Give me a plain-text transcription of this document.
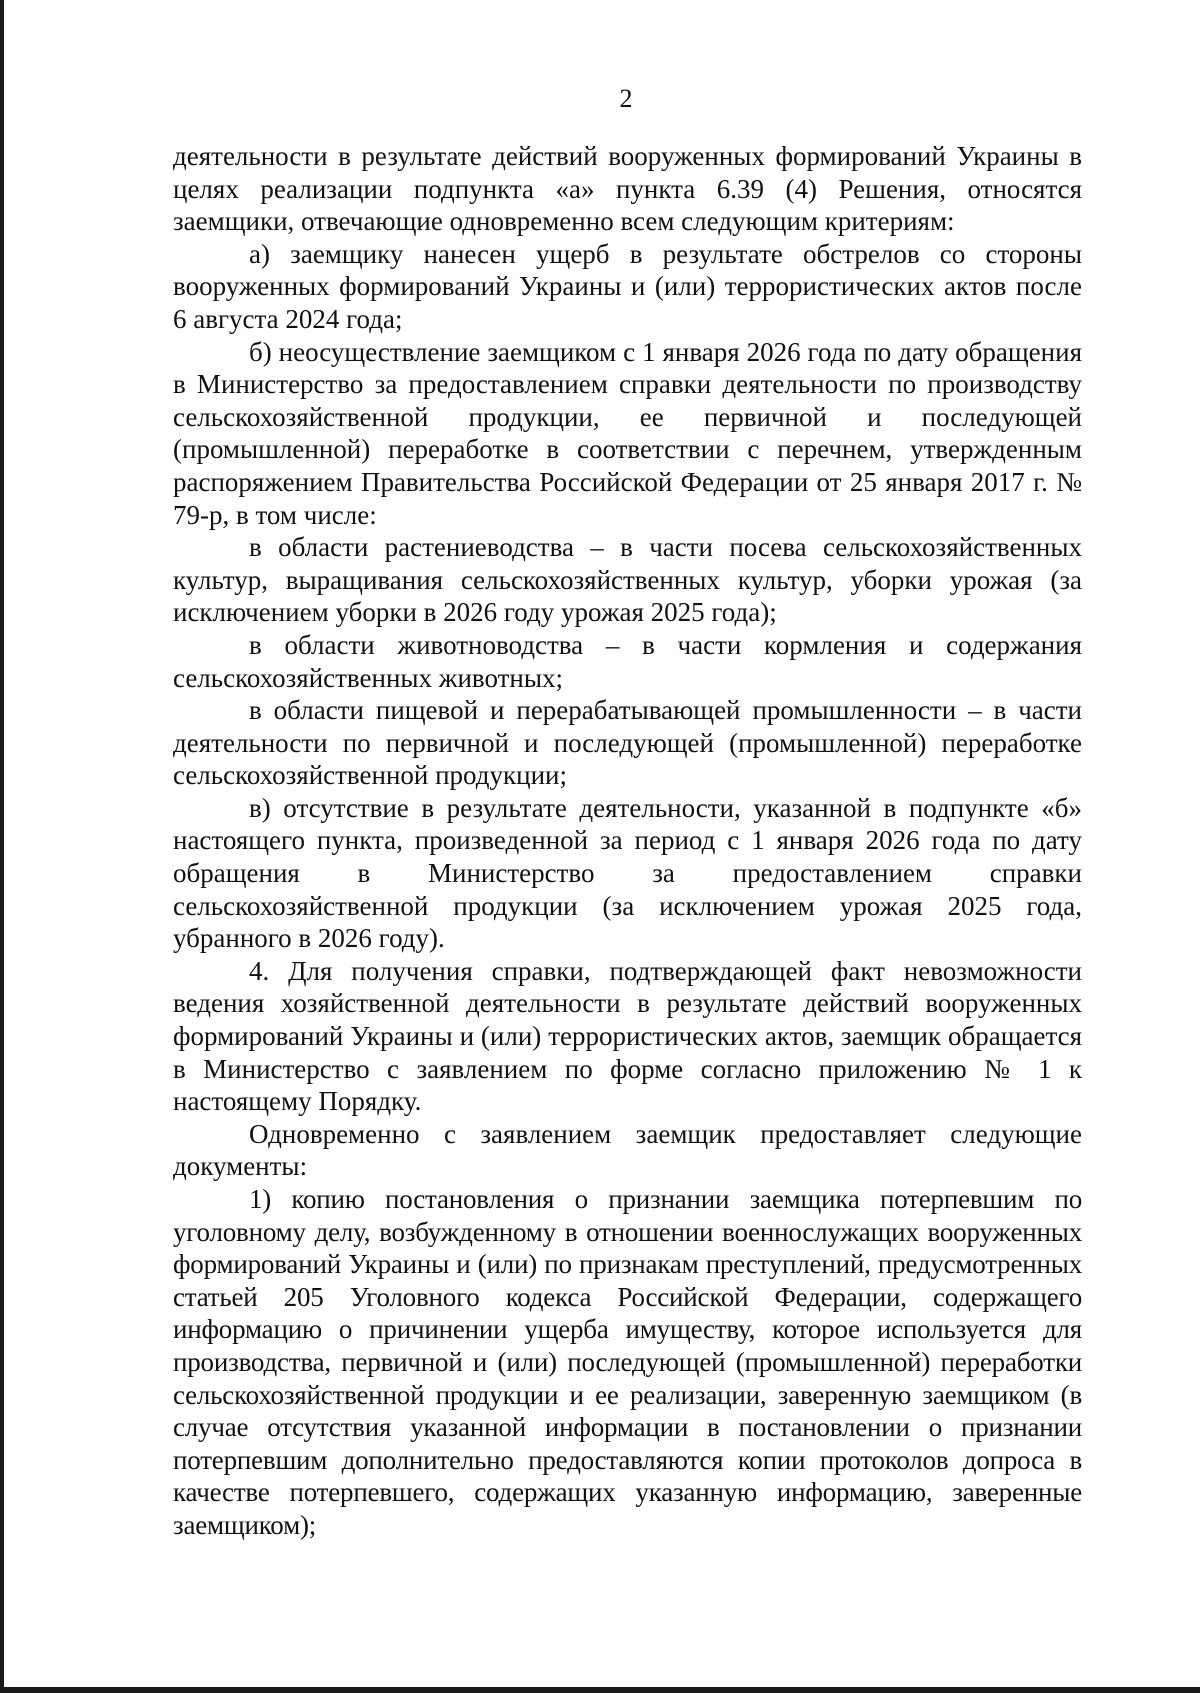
2

деятельности в результате действий вооруженных формирований Украины в целях реализации подпункта «а» пункта 6.39 (4) Решения, относятся заемщики, отвечающие одновременно всем следующим критериям:

а) заемщику нанесен ущерб в результате обстрелов со стороны вооруженных формирований Украины и (или) террористических актов после 6 августа 2024 года;

б) неосуществление заемщиком с 1 января 2026 года по дату обращения в Министерство за предоставлением справки деятельности по производству сельскохозяйственной продукции, ее первичной и последующей (промышленной) переработке в соответствии с перечнем, утвержденным распоряжением Правительства Российской Федерации от 25 января 2017 г. № 79-р, в том числе:

в области растениеводства – в части посева сельскохозяйственных культур, выращивания сельскохозяйственных культур, уборки урожая (за исключением уборки в 2026 году урожая 2025 года);

в области животноводства – в части кормления и содержания сельскохозяйственных животных;

в области пищевой и перерабатывающей промышленности – в части деятельности по первичной и последующей (промышленной) переработке сельскохозяйственной продукции;

в) отсутствие в результате деятельности, указанной в подпункте «б» настоящего пункта, произведенной за период с 1 января 2026 года по дату обращения в Министерство за предоставлением справки сельскохозяйственной продукции (за исключением урожая 2025 года, убранного в 2026 году).

4. Для получения справки, подтверждающей факт невозможности ведения хозяйственной деятельности в результате действий вооруженных формирований Украины и (или) террористических актов, заемщик обращается в Министерство с заявлением по форме согласно приложению № 1 к настоящему Порядку.

Одновременно с заявлением заемщик предоставляет следующие документы:

1) копию постановления о признании заемщика потерпевшим по уголовному делу, возбужденному в отношении военнослужащих вооруженных формирований Украины и (или) по признакам преступлений, предусмотренных статьей 205 Уголовного кодекса Российской Федерации, содержащего информацию о причинении ущерба имуществу, которое используется для производства, первичной и (или) последующей (промышленной) переработки сельскохозяйственной продукции и ее реализации, заверенную заемщиком (в случае отсутствия указанной информации в постановлении о признании потерпевшим дополнительно предоставляются копии протоколов допроса в качестве потерпевшего, содержащих указанную информацию, заверенные заемщиком);
